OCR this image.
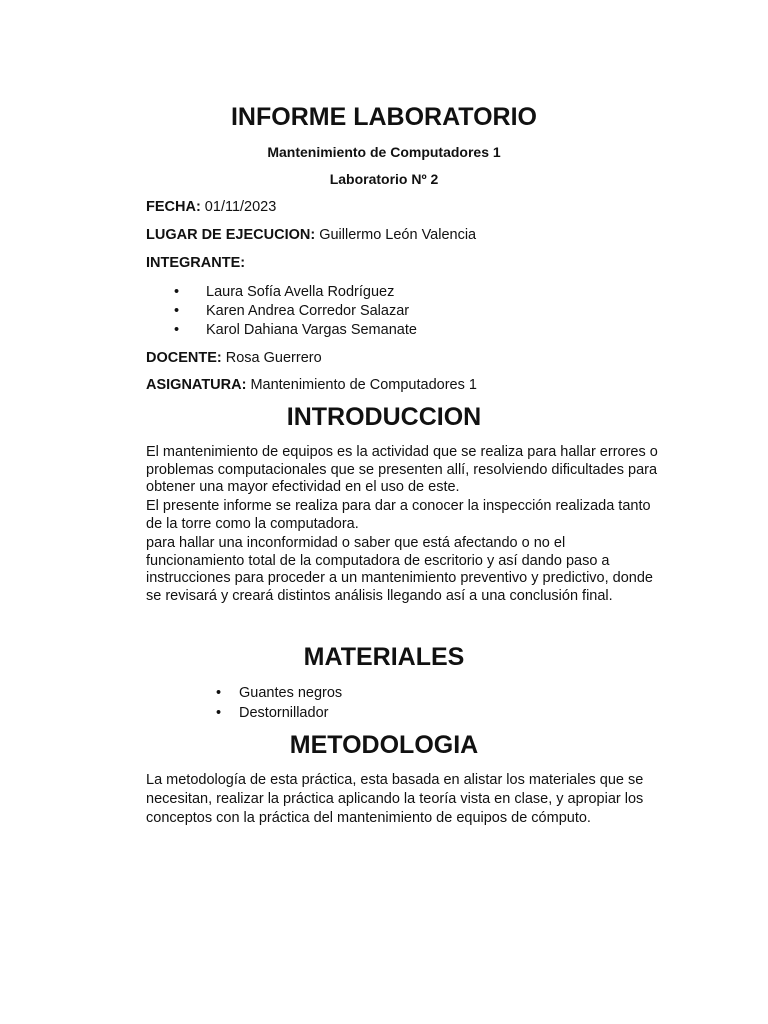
INFORME LABORATORIO
Mantenimiento de Computadores 1
Laboratorio Nº 2
FECHA: 01/11/2023
LUGAR DE EJECUCION: Guillermo León Valencia
INTEGRANTE:
• Laura Sofía Avella Rodríguez
• Karen Andrea Corredor Salazar
• Karol Dahiana Vargas Semanate
DOCENTE: Rosa Guerrero
ASIGNATURA: Mantenimiento de Computadores 1
INTRODUCCION

El mantenimiento de equipos es la actividad que se realiza para hallar errores o problemas computacionales que se presenten allí, resolviendo dificultades para obtener una mayor efectividad en el uso de este.

El presente informe se realiza para dar a conocer la inspección realizada tanto de la torre como la computadora.

para hallar una inconformidad o saber que está afectando o no el funcionamiento total de la computadora de escritorio y así dando paso a instrucciones para proceder a un mantenimiento preventivo y predictivo, donde se revisará y creará distintos análisis llegando así a una conclusión final.

MATERIALES
• Guantes negros
• Destornillador
METODOLOGIA

La metodología de esta práctica, esta basada en alistar los materiales que se necesitan, realizar la práctica aplicando la teoría vista en clase, y apropiar los conceptos con la práctica del mantenimiento de equipos de cómputo.
